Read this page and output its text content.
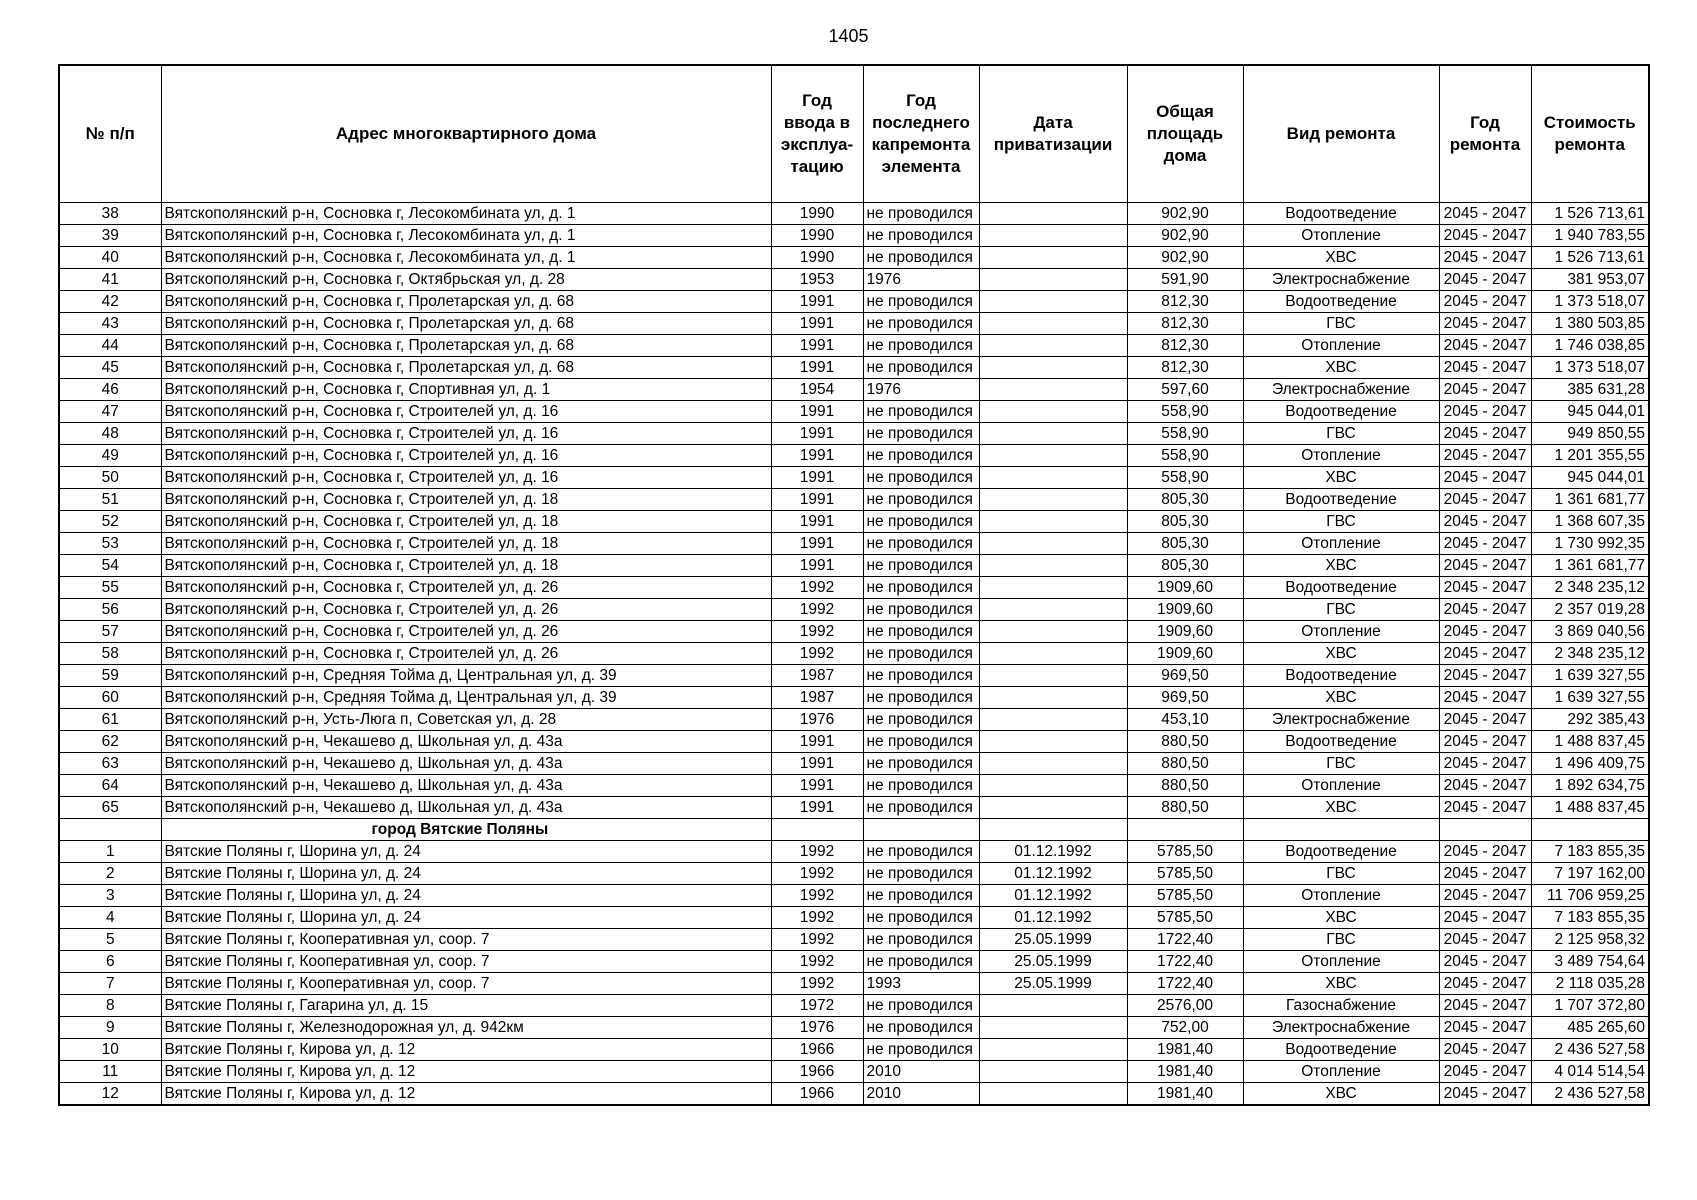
1405
№ п/п	Адрес многоквартирного дома	Год ввода в эксплуа-тацию	Год последнего капремонта элемента	Дата приватизации	Общая площадь дома	Вид ремонта	Год ремонта	Стоимость ремонта
38	Вятскополянский р-н, Сосновка г, Лесокомбината ул, д. 1	1990	не проводился		902,90	Водоотведение	2045 - 2047	1 526 713,61
39	Вятскополянский р-н, Сосновка г, Лесокомбината ул, д. 1	1990	не проводился		902,90	Отопление	2045 - 2047	1 940 783,55
40	Вятскополянский р-н, Сосновка г, Лесокомбината ул, д. 1	1990	не проводился		902,90	ХВС	2045 - 2047	1 526 713,61
41	Вятскополянский р-н, Сосновка г, Октябрьская ул, д. 28	1953	1976		591,90	Электроснабжение	2045 - 2047	381 953,07
42	Вятскополянский р-н, Сосновка г, Пролетарская ул, д. 68	1991	не проводился		812,30	Водоотведение	2045 - 2047	1 373 518,07
43	Вятскополянский р-н, Сосновка г, Пролетарская ул, д. 68	1991	не проводился		812,30	ГВС	2045 - 2047	1 380 503,85
44	Вятскополянский р-н, Сосновка г, Пролетарская ул, д. 68	1991	не проводился		812,30	Отопление	2045 - 2047	1 746 038,85
45	Вятскополянский р-н, Сосновка г, Пролетарская ул, д. 68	1991	не проводился		812,30	ХВС	2045 - 2047	1 373 518,07
46	Вятскополянский р-н, Сосновка г, Спортивная ул, д. 1	1954	1976		597,60	Электроснабжение	2045 - 2047	385 631,28
47	Вятскополянский р-н, Сосновка г, Строителей ул, д. 16	1991	не проводился		558,90	Водоотведение	2045 - 2047	945 044,01
48	Вятскополянский р-н, Сосновка г, Строителей ул, д. 16	1991	не проводился		558,90	ГВС	2045 - 2047	949 850,55
49	Вятскополянский р-н, Сосновка г, Строителей ул, д. 16	1991	не проводился		558,90	Отопление	2045 - 2047	1 201 355,55
50	Вятскополянский р-н, Сосновка г, Строителей ул, д. 16	1991	не проводился		558,90	ХВС	2045 - 2047	945 044,01
51	Вятскополянский р-н, Сосновка г, Строителей ул, д. 18	1991	не проводился		805,30	Водоотведение	2045 - 2047	1 361 681,77
52	Вятскополянский р-н, Сосновка г, Строителей ул, д. 18	1991	не проводился		805,30	ГВС	2045 - 2047	1 368 607,35
53	Вятскополянский р-н, Сосновка г, Строителей ул, д. 18	1991	не проводился		805,30	Отопление	2045 - 2047	1 730 992,35
54	Вятскополянский р-н, Сосновка г, Строителей ул, д. 18	1991	не проводился		805,30	ХВС	2045 - 2047	1 361 681,77
55	Вятскополянский р-н, Сосновка г, Строителей ул, д. 26	1992	не проводился		1909,60	Водоотведение	2045 - 2047	2 348 235,12
56	Вятскополянский р-н, Сосновка г, Строителей ул, д. 26	1992	не проводился		1909,60	ГВС	2045 - 2047	2 357 019,28
57	Вятскополянский р-н, Сосновка г, Строителей ул, д. 26	1992	не проводился		1909,60	Отопление	2045 - 2047	3 869 040,56
58	Вятскополянский р-н, Сосновка г, Строителей ул, д. 26	1992	не проводился		1909,60	ХВС	2045 - 2047	2 348 235,12
59	Вятскополянский р-н, Средняя Тойма д, Центральная ул, д. 39	1987	не проводился		969,50	Водоотведение	2045 - 2047	1 639 327,55
60	Вятскополянский р-н, Средняя Тойма д, Центральная ул, д. 39	1987	не проводился		969,50	ХВС	2045 - 2047	1 639 327,55
61	Вятскополянский р-н, Усть-Люга п, Советская ул, д. 28	1976	не проводился		453,10	Электроснабжение	2045 - 2047	292 385,43
62	Вятскополянский р-н, Чекашево д, Школьная ул, д. 43а	1991	не проводился		880,50	Водоотведение	2045 - 2047	1 488 837,45
63	Вятскополянский р-н, Чекашево д, Школьная ул, д. 43а	1991	не проводился		880,50	ГВС	2045 - 2047	1 496 409,75
64	Вятскополянский р-н, Чекашево д, Школьная ул, д. 43а	1991	не проводился		880,50	Отопление	2045 - 2047	1 892 634,75
65	Вятскополянский р-н, Чекашево д, Школьная ул, д. 43а	1991	не проводился		880,50	ХВС	2045 - 2047	1 488 837,45
	город Вятские Поляны							
1	Вятские Поляны г, Шорина ул, д. 24	1992	не проводился	01.12.1992	5785,50	Водоотведение	2045 - 2047	7 183 855,35
2	Вятские Поляны г, Шорина ул, д. 24	1992	не проводился	01.12.1992	5785,50	ГВС	2045 - 2047	7 197 162,00
3	Вятские Поляны г, Шорина ул, д. 24	1992	не проводился	01.12.1992	5785,50	Отопление	2045 - 2047	11 706 959,25
4	Вятские Поляны г, Шорина ул, д. 24	1992	не проводился	01.12.1992	5785,50	ХВС	2045 - 2047	7 183 855,35
5	Вятские Поляны г, Кооперативная ул, соор. 7	1992	не проводился	25.05.1999	1722,40	ГВС	2045 - 2047	2 125 958,32
6	Вятские Поляны г, Кооперативная ул, соор. 7	1992	не проводился	25.05.1999	1722,40	Отопление	2045 - 2047	3 489 754,64
7	Вятские Поляны г, Кооперативная ул, соор. 7	1992	1993	25.05.1999	1722,40	ХВС	2045 - 2047	2 118 035,28
8	Вятские Поляны г, Гагарина ул, д. 15	1972	не проводился		2576,00	Газоснабжение	2045 - 2047	1 707 372,80
9	Вятские Поляны г, Железнодорожная ул, д. 942км	1976	не проводился		752,00	Электроснабжение	2045 - 2047	485 265,60
10	Вятские Поляны г, Кирова ул, д. 12	1966	не проводился		1981,40	Водоотведение	2045 - 2047	2 436 527,58
11	Вятские Поляны г, Кирова ул, д. 12	1966	2010		1981,40	Отопление	2045 - 2047	4 014 514,54
12	Вятские Поляны г, Кирова ул, д. 12	1966	2010		1981,40	ХВС	2045 - 2047	2 436 527,58
